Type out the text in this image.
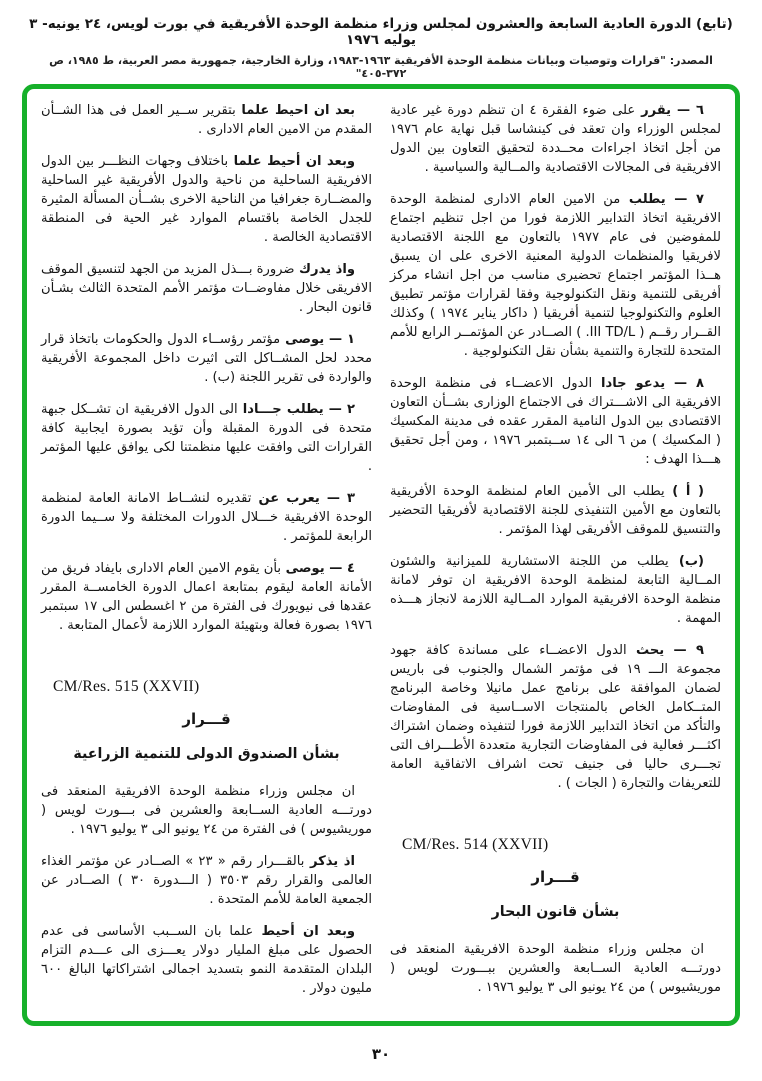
(تابع) الدورة العادية السابعة والعشرون لمجلس وزراء منظمة الوحدة الأفريقية في بورت لويس، ٢٤ يونيه- ٣ يوليه ١٩٧٦
المصدر: "قرارات وتوصيات وبيانات منظمة الوحدة الأفريقية ١٩٦٣-١٩٨٣، وزارة الخارجية، جمهورية مصر العربية، ط ١٩٨٥، ص ٣٧٢-٤٠٥"
٦ — يقرر على ضوء الفقرة ٤ ان تنظم دورة غير عادية لمجلس الوزراء وان تعقد فى كينشاسا قبل نهاية عام ١٩٧٦ من أجل اتخاذ اجراءات محــددة لتحقيق التعاون بين الدول الافريقية فى المجالات الاقتصادية والمــالية والسياسية .
٧ — يطلب من الامين العام الادارى لمنظمة الوحدة الافريقية اتخاذ التدابير اللازمة فورا من اجل تنظيم اجتماع للمفوضين فى عام ١٩٧٧ بالتعاون مع اللجنة الاقتصادية لافريقيا والمنظمات الدولية المعنية الاخرى على ان يسبق هــذا المؤتمر اجتماع تحضيرى مناسب من اجل انشاء مركز أفريقى للتنمية ونقل التكنولوجية وفقا لقرارات مؤتمر تطبيق العلوم والتكنولوجيا لتنمية أفريقيا ( داكار يناير ١٩٧٤ ) وكذلك القــرار رقــم ( III TD/L. ) الصــادر عن المؤتمــر الرابع للأمم المتحدة للتجارة والتنمية بشأن نقل التكنولوجية .
٨ — يدعو جادا الدول الاعضــاء فى منظمة الوحدة الافريقية الى الاشـــتراك فى الاجتماع الوزارى بشــأن التعاون الاقتصادى بين الدول النامية المقرر عقده فى مدينة المكسيك ( المكسيك ) من ٦ الى ١٤ ســبتمبر ١٩٧٦ ، ومن أجل تحقيق هـــذا الهدف :
( أ ) يطلب الى الأمين العام لمنظمة الوحدة الأفريقية بالتعاون مع الأمين التنفيذى للجنة الاقتصادية لأفريقيا التحضير والتنسيق للموقف الأفريقى لهذا المؤتمر .
(ب) يطلب من اللجنة الاستشارية للميزانية والشئون المــالية التابعة لمنظمة الوحدة الافريقية ان توفر لامانة منظمة الوحدة الافريقية الموارد المــالية اللازمة لانجاز هـــذه المهمة .
٩ — يحث الدول الاعضــاء على مساندة كافة جهود مجموعة الـــ ١٩ فى مؤتمر الشمال والجنوب فى باريس لضمان الموافقة على برنامج عمل مانيلا وخاصة البرنامج المتــكامل الخاص بالمنتجات الاســاسية فى المفاوضات والتأكد من اتخاذ التدابير اللازمة فورا لتنفيذه وضمان اشتراك اكثـــر فعالية فى المفاوضات التجارية متعددة الأطـــراف التى تجـــرى حاليا فى جنيف تحت اشراف الاتفاقية العامة للتعريفات والتجارة ( الجات ) .
CM/Res. 514 (XXVII)
قـــرار
بشأن قانون البحار
ان مجلس وزراء منظمة الوحدة الافريقية المنعقد فى دورتـــه العادية الســابعة والعشرين ببـــورت لويس ( موريشيوس ) من ٢٤ يونيو الى ٣ يوليو ١٩٧٦ .
بعد ان احيط علما بتقرير ســير العمل فى هذا الشــأن المقدم من الامين العام الادارى .
وبعد ان أحيط علما باختلاف وجهات النظـــر بين الدول الافريقية الساحلية من ناحية والدول الأفريقية غير الساحلية والمضــارة جغرافيا من الناحية الاخرى بشــأن المسألة المثيرة للجدل الخاصة باقتسام الموارد غير الحية فى المنطقة الاقتصادية الخالصة .
واذ يدرك ضرورة بـــذل المزيد من الجهد لتنسيق الموقف الافريقى خلال مفاوضــات مؤتمر الأمم المتحدة الثالث بشـأن قانون البحار .
١ — يوصى مؤتمر رؤســاء الدول والحكومات باتخاذ قرار محدد لحل المشــاكل التى اثيرت داخل المجموعة الأفريقية والواردة فى تقرير اللجنة (ب) .
٢ — يطلب جـــادا الى الدول الافريقية ان تشــكل جبهة متحدة فى الدورة المقبلة وأن تؤيد بصورة ايجابية كافة القرارات التى وافقت عليها منظمتنا لكى يوافق عليها المؤتمر .
٣ — يعرب عن تقديره لنشــاط الامانة العامة لمنظمة الوحدة الافريقية خـــلال الدورات المختلفة ولا ســيما الدورة الرابعة للمؤتمر .
٤ — يوصى بأن يقوم الامين العام الادارى بايفاد فريق من الأمانة العامة ليقوم بمتابعة اعمال الدورة الخامســة المقرر عقدها فى نيويورك فى الفترة من ٢ اغسطس الى ١٧ سبتمبر ١٩٧٦ بصورة فعالة وبتهيئة الموارد اللازمة لأعمال المتابعة .
CM/Res. 515 (XXVII)
قـــرار
بشأن الصندوق الدولى للتنمية الزراعية
ان مجلس وزراء منظمة الوحدة الافريقية المنعقد فى دورتـــه العادية الســابعة والعشرين فى بـــورت لويس ( موريشيوس ) فى الفترة من ٢٤ يونيو الى ٣ يوليو ١٩٧٦ .
اذ يذكر بالقـــرار رقم « ٢٣ » الصــادر عن مؤتمر الغذاء العالمى والقرار رقم ٣٥٠٣ ( الـــدورة ٣٠ ) الصــادر عن الجمعية العامة للأمم المتحدة .
وبعد ان أحيط علما بان الســبب الأساسى فى عدم الحصول على مبلغ المليار دولار يعـــزى الى عـــدم التزام البلدان المتقدمة النمو بتسديد اجمالى اشتراكاتها البالغ ٦٠٠ مليون دولار .
٣٠
